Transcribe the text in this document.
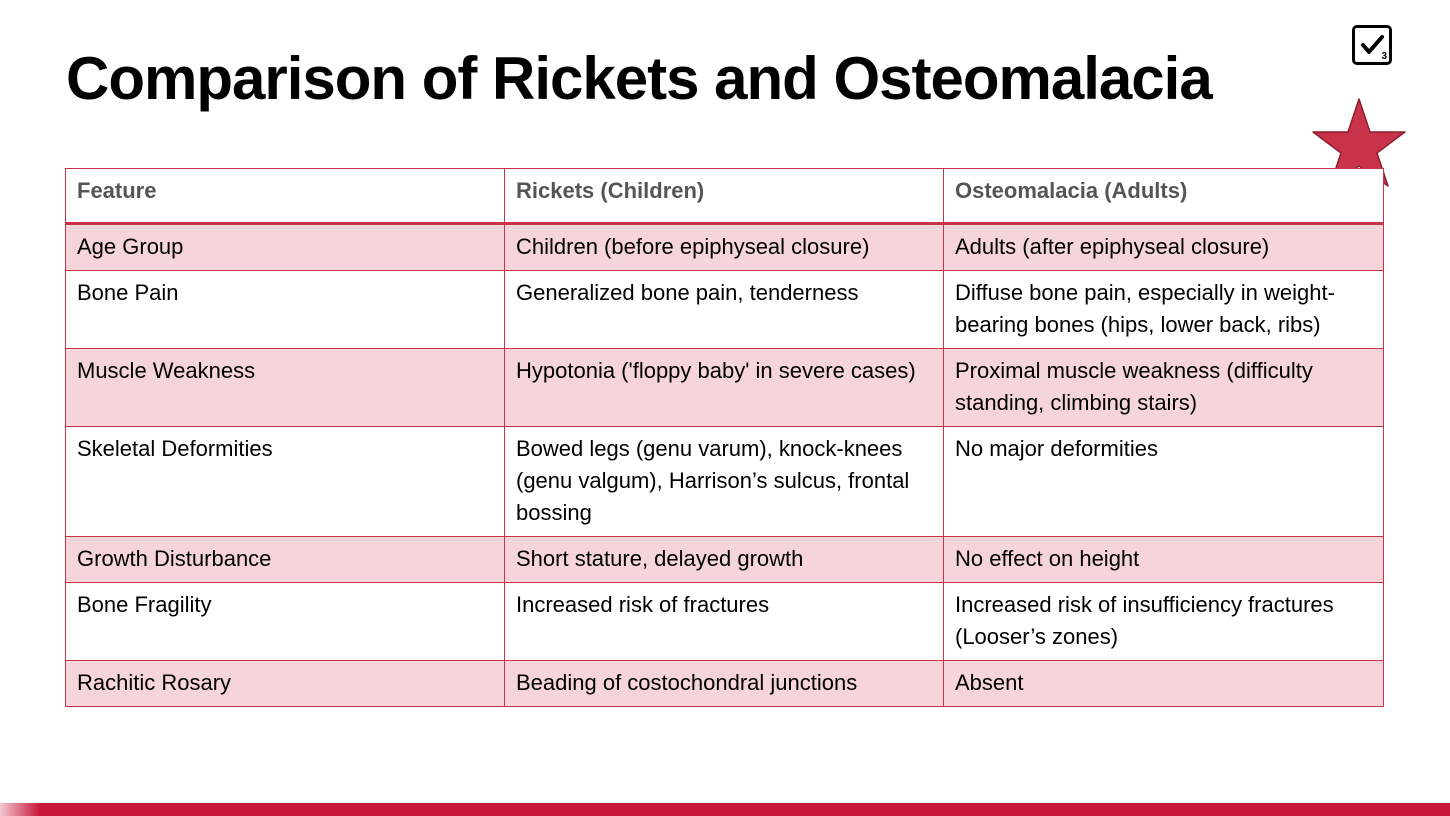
Comparison of Rickets and Osteomalacia	3
Feature	Rickets (Children)	Osteomalacia (Adults)
Age Group	Children (before epiphyseal closure)	Adults (after epiphyseal closure)
Bone Pain	Generalized bone pain, tenderness	Diffuse bone pain, especially in weight-bearing bones (hips, lower back, ribs)
Muscle Weakness	Hypotonia ('floppy baby' in severe cases)	Proximal muscle weakness (difficulty standing, climbing stairs)
Skeletal Deformities	Bowed legs (genu varum), knock-knees (genu valgum), Harrison’s sulcus, frontal bossing	No major deformities
Growth Disturbance	Short stature, delayed growth	No effect on height
Bone Fragility	Increased risk of fractures	Increased risk of insufficiency fractures (Looser’s zones)
Rachitic Rosary	Beading of costochondral junctions	Absent
